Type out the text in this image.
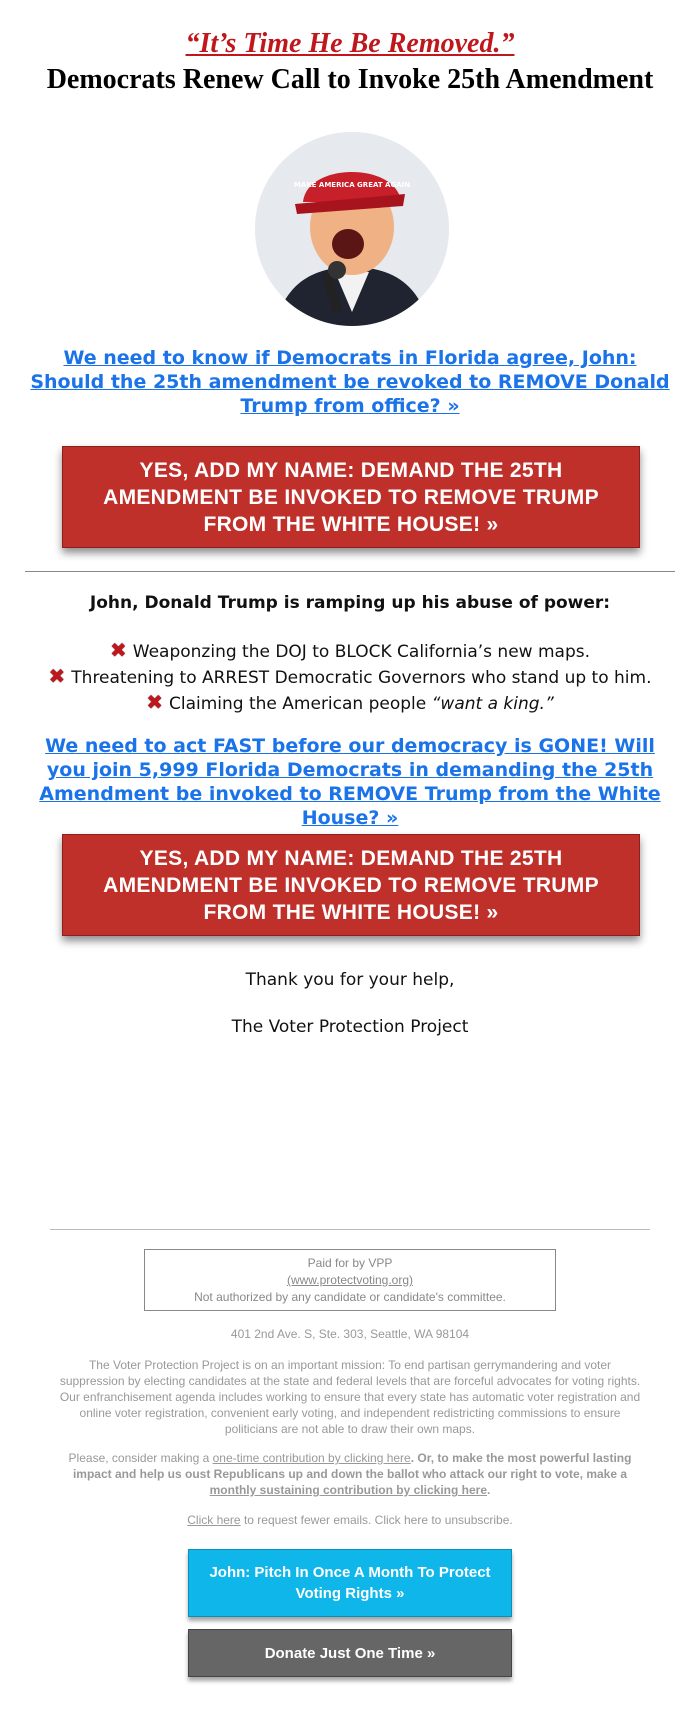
“It’s Time He Be Removed.”
Democrats Renew Call to Invoke 25th Amendment
MAKE AMERICA GREAT AGAIN
We need to know if Democrats in Florida agree, John: Should the 25th amendment be revoked to REMOVE Donald Trump from office? »
YES, ADD MY NAME: DEMAND THE 25TH AMENDMENT BE INVOKED TO REMOVE TRUMP FROM THE WHITE HOUSE! »
John, Donald Trump is ramping up his abuse of power:
✖ Weaponzing the DOJ to BLOCK California’s new maps.
✖ Threatening to ARREST Democratic Governors who stand up to him.
✖ Claiming the American people “want a king.”
We need to act FAST before our democracy is GONE! Will you join 5,999 Florida Democrats in demanding the 25th Amendment be invoked to REMOVE Trump from the White House? »
YES, ADD MY NAME: DEMAND THE 25TH AMENDMENT BE INVOKED TO REMOVE TRUMP FROM THE WHITE HOUSE! »
Thank you for your help,
The Voter Protection Project
Paid for by VPP
(www.protectvoting.org)
Not authorized by any candidate or candidate's committee.
401 2nd Ave. S, Ste. 303, Seattle, WA 98104
The Voter Protection Project is on an important mission: To end partisan gerrymandering and voter suppression by electing candidates at the state and federal levels that are forceful advocates for voting rights. Our enfranchisement agenda includes working to ensure that every state has automatic voter registration and online voter registration, convenient early voting, and independent redistricting commissions to ensure politicians are not able to draw their own maps.
Please, consider making a one-time contribution by clicking here. Or, to make the most powerful lasting impact and help us oust Republicans up and down the ballot who attack our right to vote, make a monthly sustaining contribution by clicking here.
Click here to request fewer emails. Click here to unsubscribe.
John: Pitch In Once A Month To Protect Voting Rights »
Donate Just One Time »
